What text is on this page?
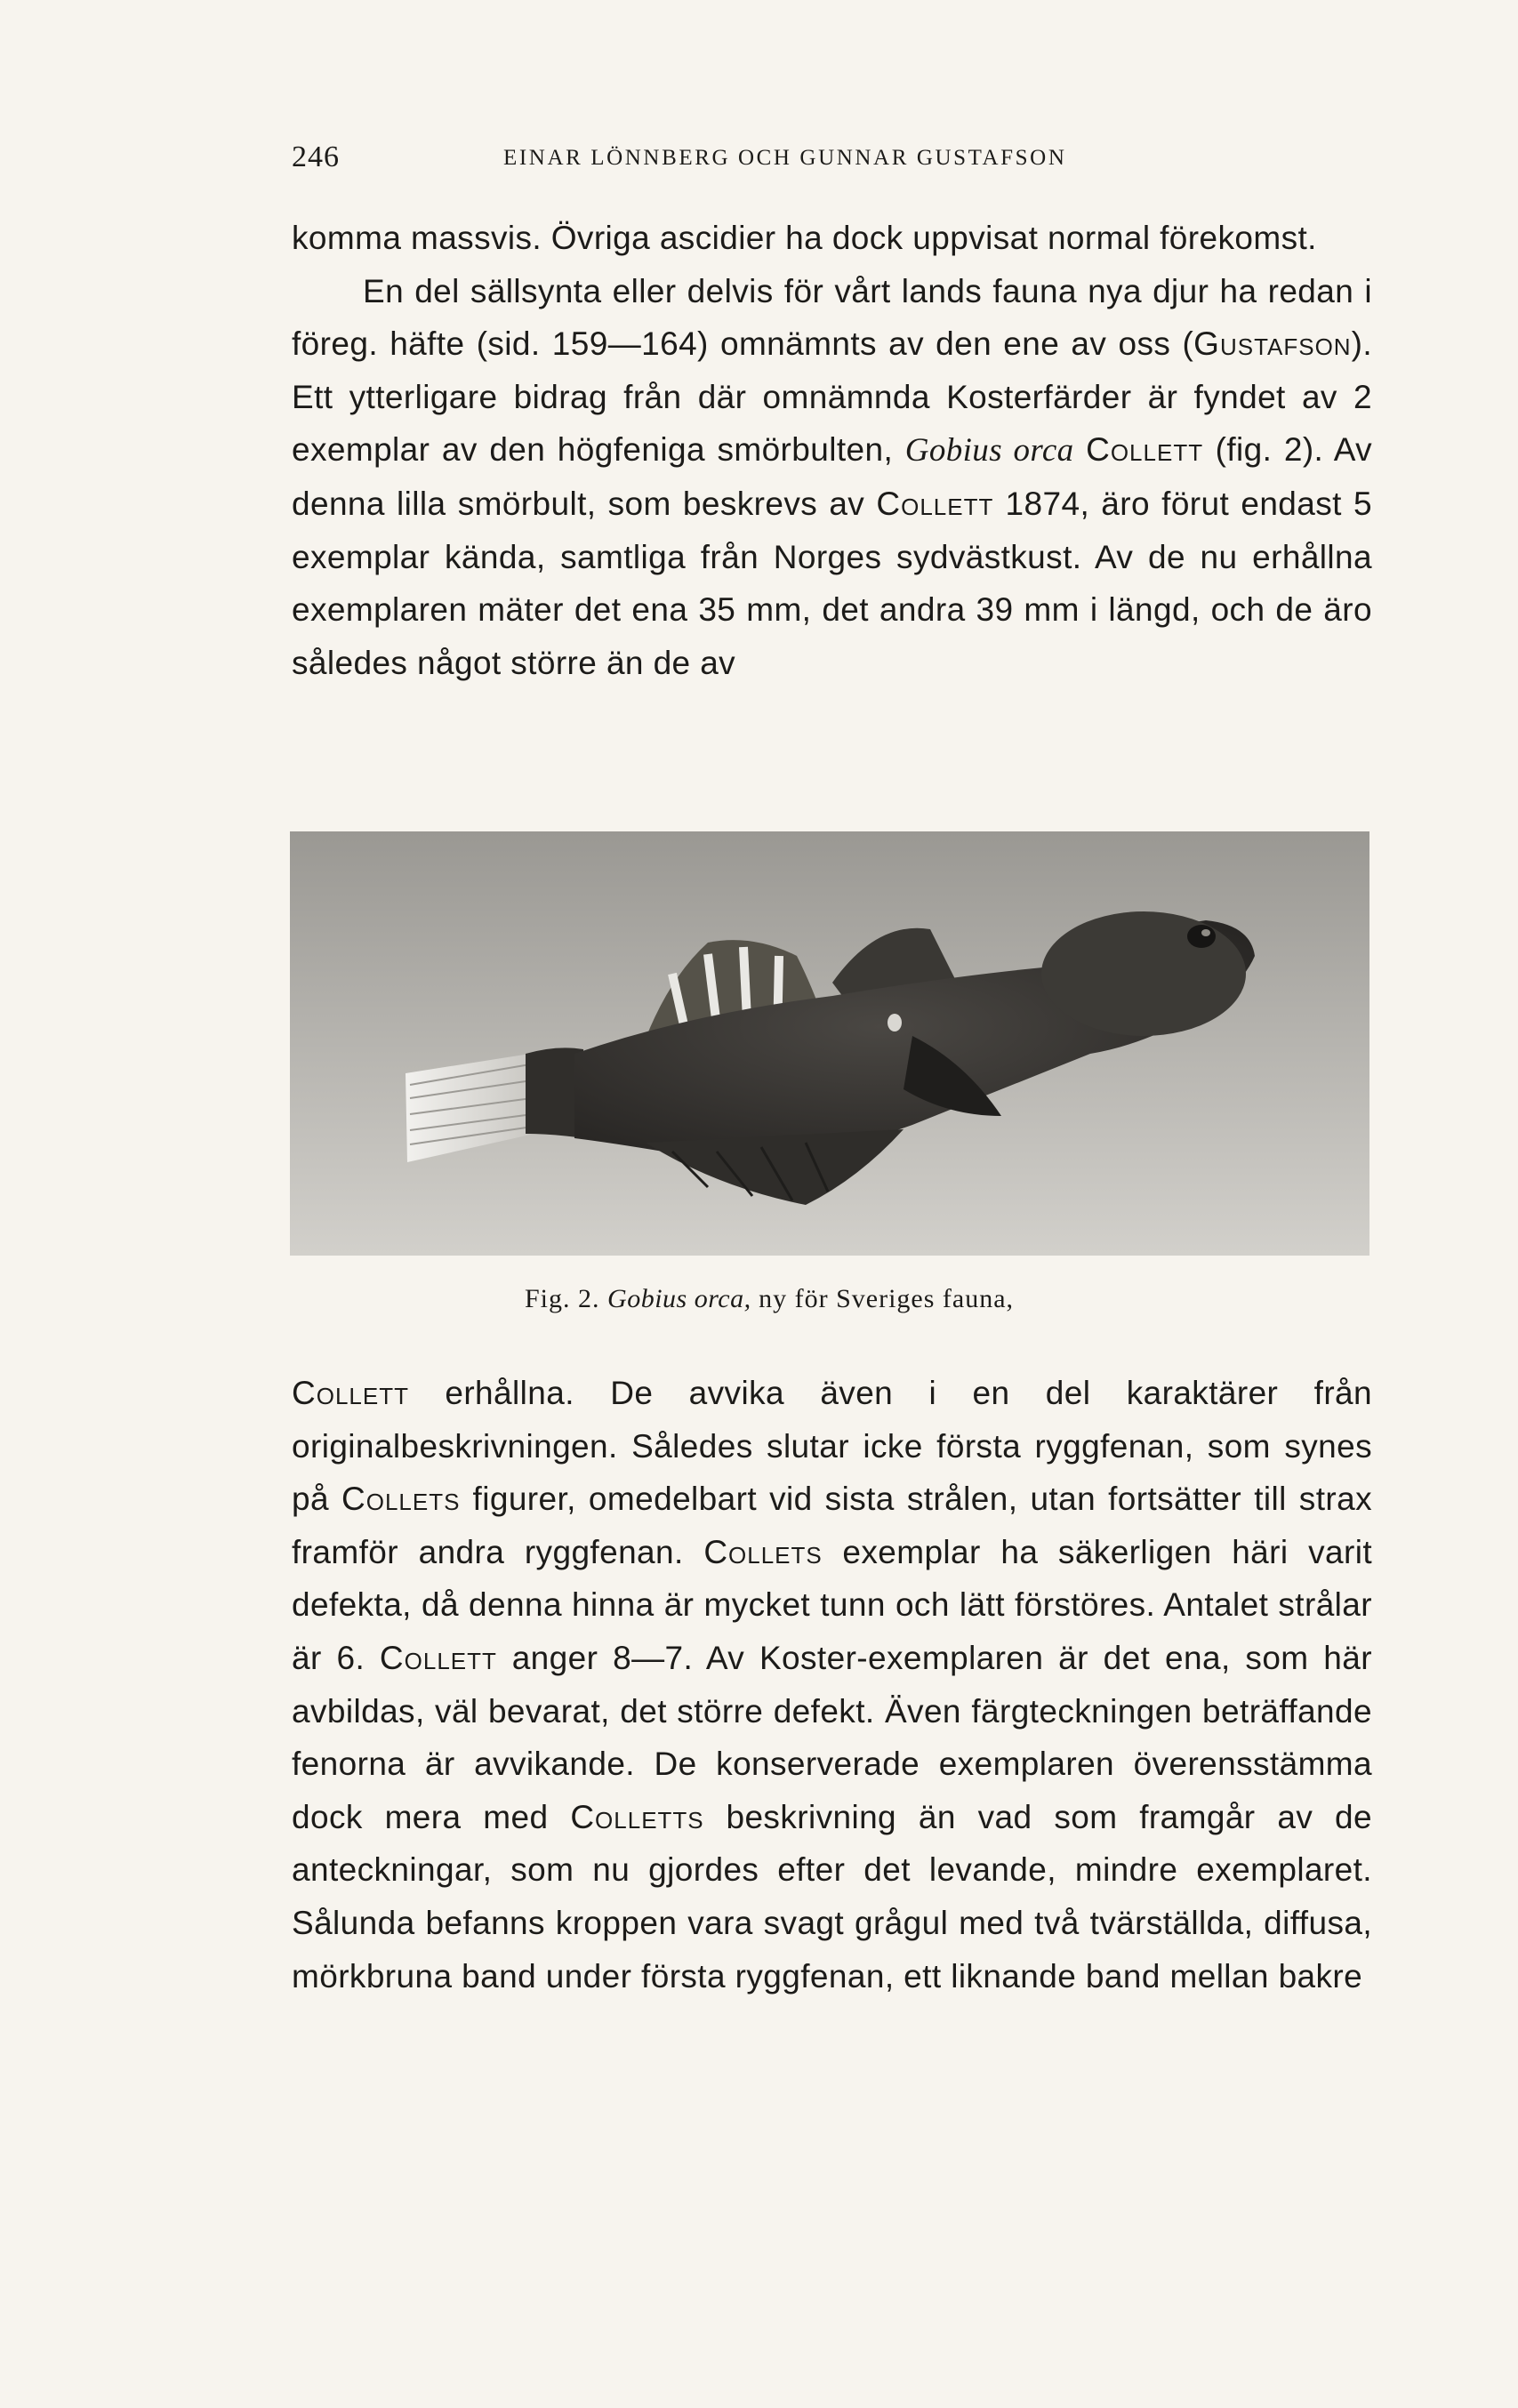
246	EINAR LÖNNBERG OCH GUNNAR GUSTAFSON

komma massvis. Övriga ascidier ha dock uppvisat normal förekomst.

En del sällsynta eller delvis för vårt lands fauna nya djur ha redan i föreg. häfte (sid. 159—164) omnämnts av den ene av oss (Gustafson). Ett ytterligare bidrag från där omnämnda Kosterfärder är fyndet av 2 exemplar av den högfeniga smörbulten, Gobius orca Collett (fig. 2). Av denna lilla smörbult, som beskrevs av Collett 1874, äro förut endast 5 exemplar kända, samtliga från Norges sydvästkust. Av de nu erhållna exemplaren mäter det ena 35 mm, det andra 39 mm i längd, och de äro således något större än de av

Fig. 2. Gobius orca, ny för Sveriges fauna,

Collett erhållna. De avvika även i en del karaktärer från originalbeskrivningen. Således slutar icke första ryggfenan, som synes på Collets figurer, omedelbart vid sista strålen, utan fortsätter till strax framför andra ryggfenan. Collets exemplar ha säkerligen häri varit defekta, då denna hinna är mycket tunn och lätt förstöres. Antalet strålar är 6. Collett anger 8—7. Av Koster-exemplaren är det ena, som här avbildas, väl bevarat, det större defekt. Även färgteckningen beträffande fenorna är avvikande. De konserverade exemplaren överensstämma dock mera med Colletts beskrivning än vad som framgår av de anteckningar, som nu gjordes efter det levande, mindre exemplaret. Sålunda befanns kroppen vara svagt grågul med två tvärställda, diffusa, mörkbruna band under första ryggfenan, ett liknande band mellan bakre
